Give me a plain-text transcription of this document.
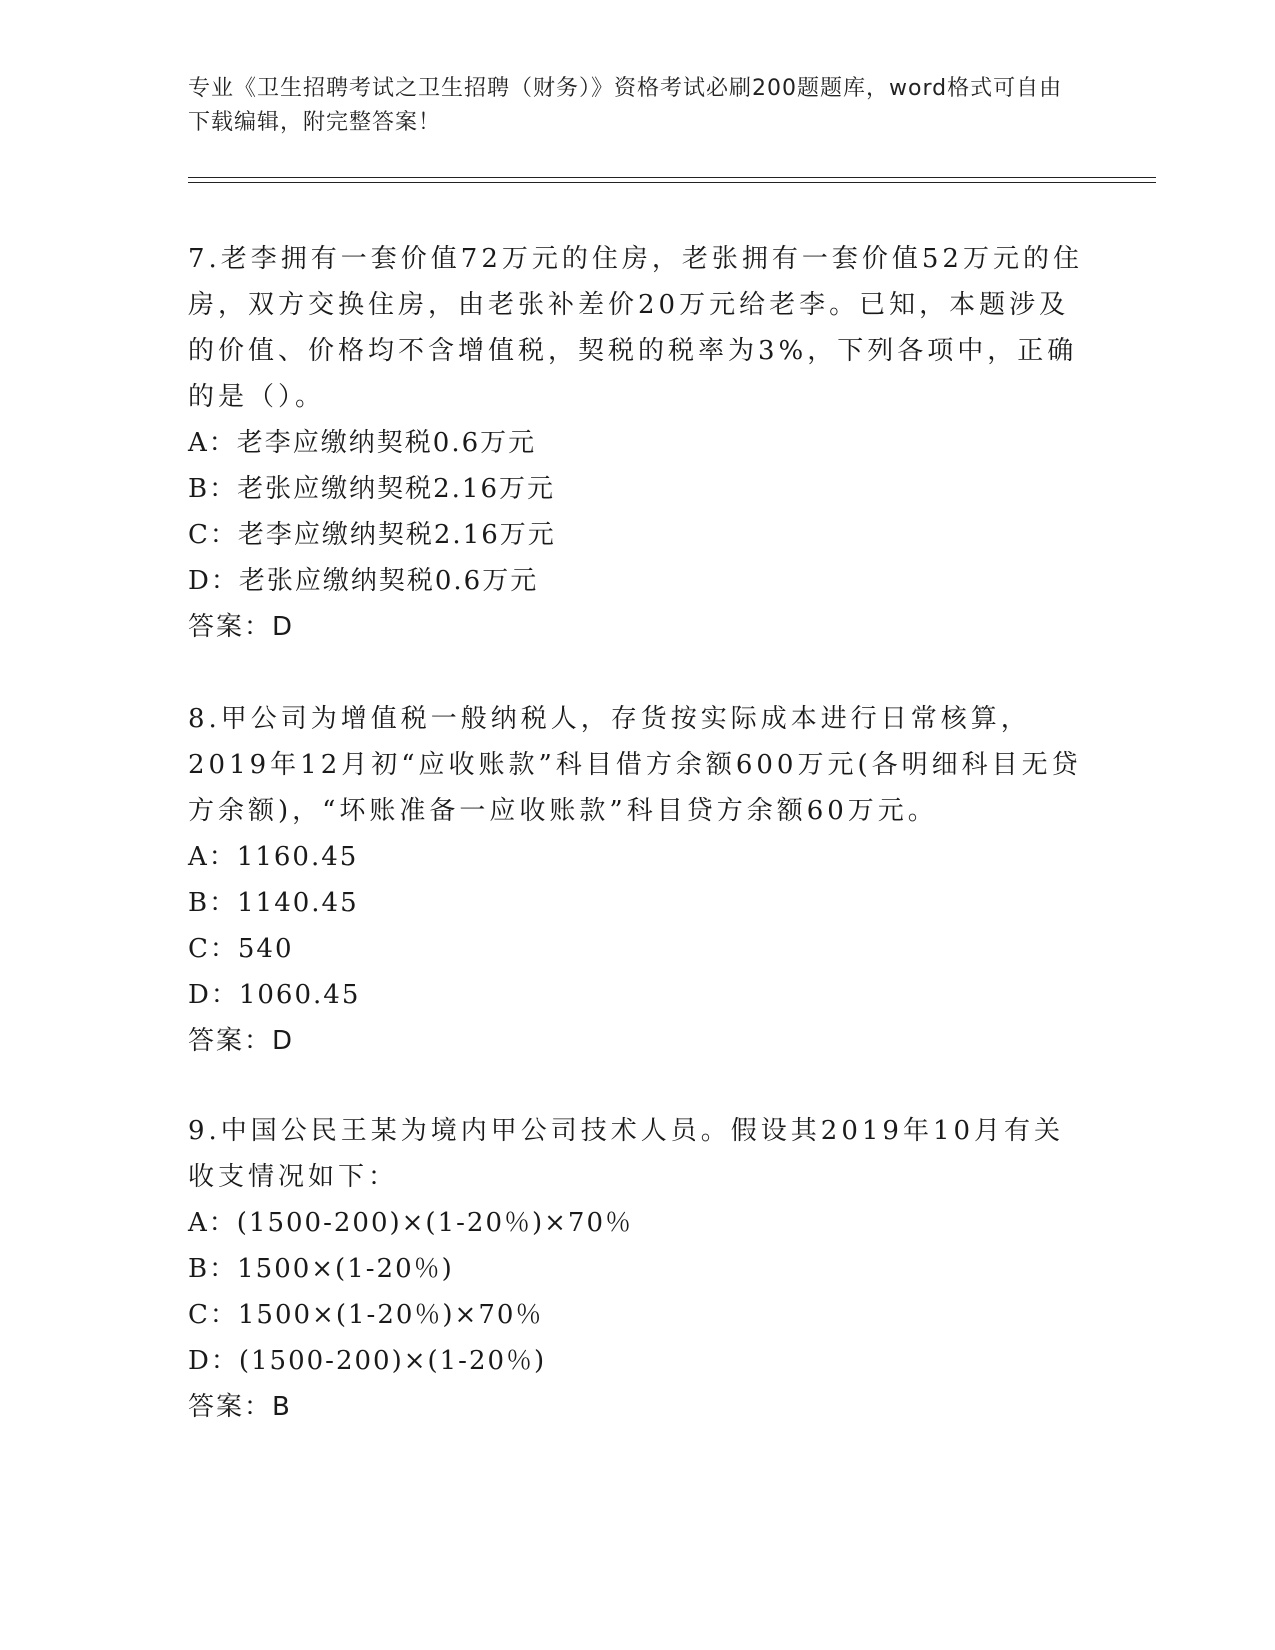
专业《卫生招聘考试之卫生招聘（财务）》资格考试必刷200题题库，word格式可自由下载编辑，附完整答案！

7.老李拥有一套价值72万元的住房，老张拥有一套价值52万元的住房，双方交换住房，由老张补差价20万元给老李。已知，本题涉及的价值、价格均不含增值税，契税的税率为3%，下列各项中，正确的是（）。

A：老李应缴纳契税0.6万元

B：老张应缴纳契税2.16万元

C：老李应缴纳契税2.16万元

D：老张应缴纳契税0.6万元

答案：D

8.甲公司为增值税一般纳税人，存货按实际成本进行日常核算，2019年12月初“应收账款”科目借方余额600万元(各明细科目无贷方余额)，“坏账准备一应收账款”科目贷方余额60万元。

A：1160.45

B：1140.45

C：540

D：1060.45

答案：D

9.中国公民王某为境内甲公司技术人员。假设其2019年10月有关收支情况如下：

A：(1500-200)×(1-20％)×70％

B：1500×(1-20％)

C：1500×(1-20％)×70％

D：(1500-200)×(1-20％)

答案：B
